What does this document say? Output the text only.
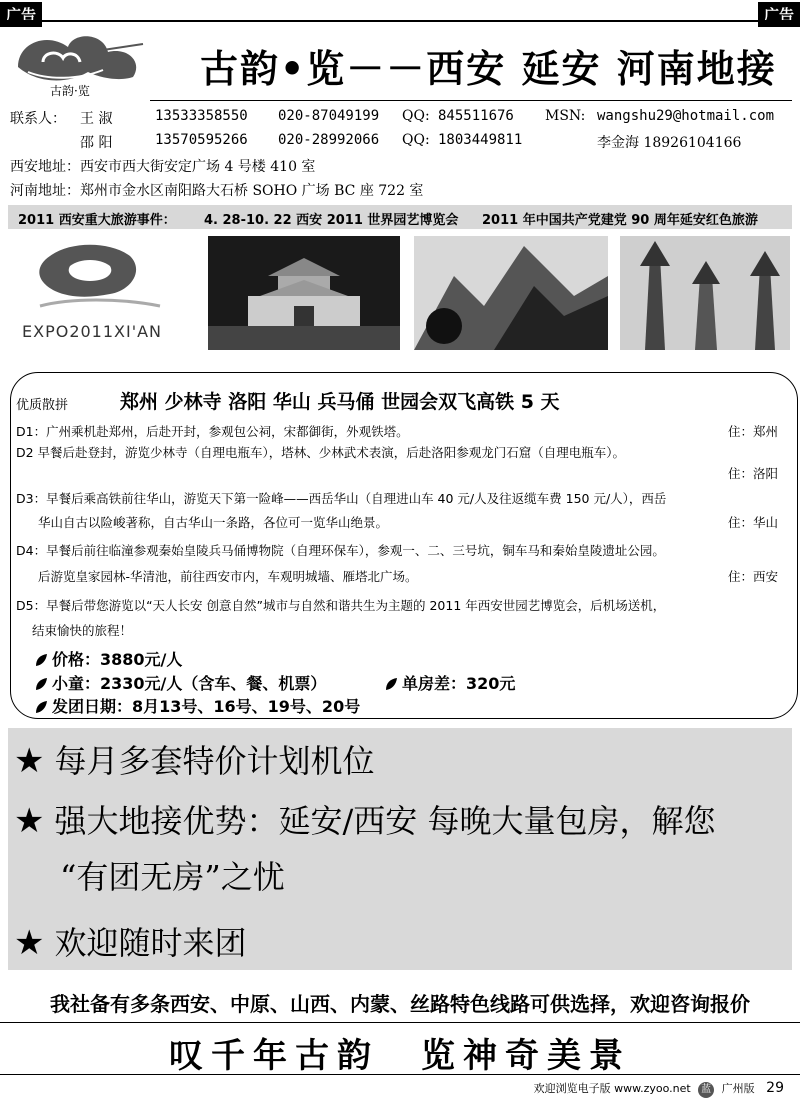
广告	广告
古韵·览	古韵•览－－西安 延安 河南地接
联系人： 王 淑	13533358550 020-87049199 QQ: 845511676 MSN: wangshu29@hotmail.com
邵 阳	13570595266 020-28992066 QQ: 1803449811	李金海 18926104166
西安地址：西安市西大街安定广场 4 号楼 410 室
河南地址：郑州市金水区南阳路大石桥 SOHO 广场 BC 座 722 室
2011 西安重大旅游事件： 4. 28-10. 22 西安 2011 世界园艺博览会 2011 年中国共产党建党 90 周年延安红色旅游
EXPO2011XI'AN
优质散拼	郑州 少林寺 洛阳 华山 兵马俑 世园会双飞高铁 5 天
D1：广州乘机赴郑州，后赴开封，参观包公祠，宋都御街，外观铁塔。	住：郑州
D2 早餐后赴登封，游览少林寺（自理电瓶车），塔林、少林武术表演，后赴洛阳参观龙门石窟（自理电瓶车）。
住：洛阳
D3：早餐后乘高铁前往华山，游览天下第一险峰——西岳华山（自理进山车 40 元/人及往返缆车费 150 元/人），西岳
华山自古以险峻著称，自古华山一条路，各位可一览华山绝景。	住：华山
D4：早餐后前往临潼参观秦始皇陵兵马俑博物院（自理环保车），参观一、二、三号坑，铜车马和秦始皇陵遗址公园。
后游览皇家园林-华清池，前往西安市内，车观明城墙、雁塔北广场。	住：西安
D5：早餐后带您游览以“天人长安 创意自然”城市与自然和谐共生为主题的 2011 年西安世园艺博览会，后机场送机，
结束愉快的旅程！
价格：3880元/人
小童：2330元/人（含车、餐、机票）	单房差：320元
发团日期：8月13号、16号、19号、20号
★ 每月多套特价计划机位
★ 强大地接优势：延安/西安 每晚大量包房，解您
“有团无房”之忧
★ 欢迎随时来团
我社备有多条西安、中原、山西、内蒙、丝路特色线路可供选择，欢迎咨询报价
叹千年古韵　览神奇美景
欢迎浏览电子版 www.zyoo.net 蓝 广州版 29
